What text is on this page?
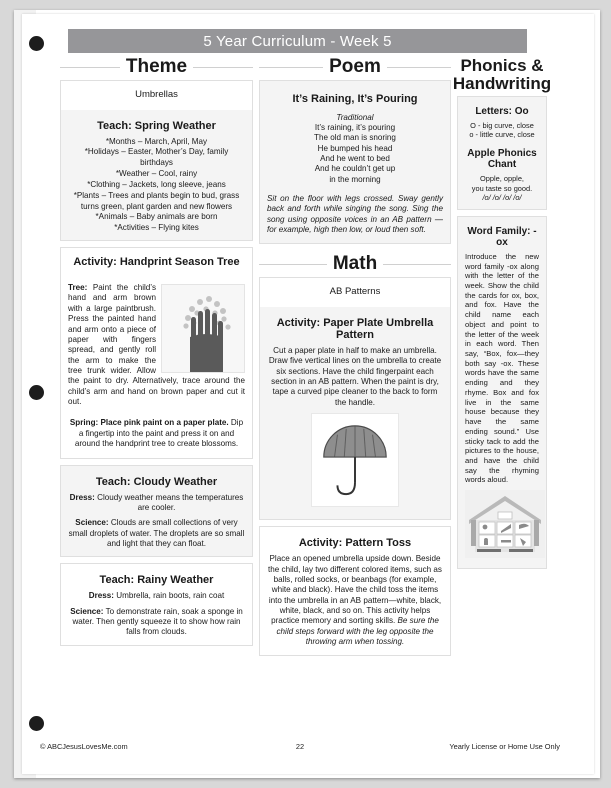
5 Year Curriculum - Week 5
Theme
Umbrellas
Teach: Spring Weather
*Months – March, April, May
*Holidays – Easter, Mother’s Day, family birthdays
*Weather – Cool, rainy
*Clothing – Jackets, long sleeve, jeans
*Plants – Trees and plants begin to bud, grass turns green, plant garden and new flowers
*Animals – Baby animals are born
*Activities – Flying kites
Activity: Handprint Season Tree

Tree: Paint the child’s hand and arm brown with a large paintbrush. Press the painted hand and arm onto a piece of paper with fingers spread, and gently roll the arm to make the tree trunk wider. Allow the paint to dry. Alternatively, trace around the child’s arm and hand on brown paper and cut it out.

Spring: Place pink paint on a paper plate. Dip a fingertip into the paint and press it on and around the handprint tree to create blossoms.

Teach: Cloudy Weather

Dress: Cloudy weather means the temperatures are cooler.

Science: Clouds are small collections of very small droplets of water. The droplets are so small and light that they can float.

Teach: Rainy Weather

Dress: Umbrella, rain boots, rain coat

Science: To demonstrate rain, soak a sponge in water. Then gently squeeze it to show how rain falls from clouds.

Poem
It’s Raining, It’s Pouring
Traditional
It’s raining, it’s pouring
The old man is snoring
He bumped his head
And he went to bed
And he couldn’t get up
in the morning

Sit on the floor with legs crossed. Sway gently back and forth while singing the song. Sing the song using opposite voices in an AB pattern — for example, high then low, or loud then soft.

Math
AB Patterns
Activity: Paper Plate Umbrella Pattern

Cut a paper plate in half to make an umbrella. Draw five vertical lines on the umbrella to create six sections. Have the child fingerpaint each section in an AB pattern. When the paint is dry, tape a curved pipe cleaner to the back to form the handle.

Activity: Pattern Toss

Place an opened umbrella upside down. Beside the child, lay two different colored items, such as balls, rolled socks, or beanbags (for example, white and black). Have the child toss the items into the umbrella in an AB pattern—white, black, white, black, and so on. This activity helps practice memory and sorting skills. Be sure the child steps forward with the leg opposite the throwing arm when tossing.

Phonics &
Handwriting
Letters: Oo
O - big curve, close
o - little curve, close
Apple Phonics Chant
Opple, opple,
you taste so good.
/o/ /o/ /o/ /o/
Word Family: -ox

Introduce the new word family -ox along with the letter of the week. Show the child the cards for ox, box, and fox. Have the child name each object and point to the letter of the week in each word. Then say, “Box, fox—they both say -ox. These words have the same ending and they rhyme. Box and fox live in the same house because they have the same ending sound.” Use sticky tack to add the pictures to the house, and have the child say the rhyming words aloud.

© ABCJesusLovesMe.com	22	Yearly License or Home Use Only
